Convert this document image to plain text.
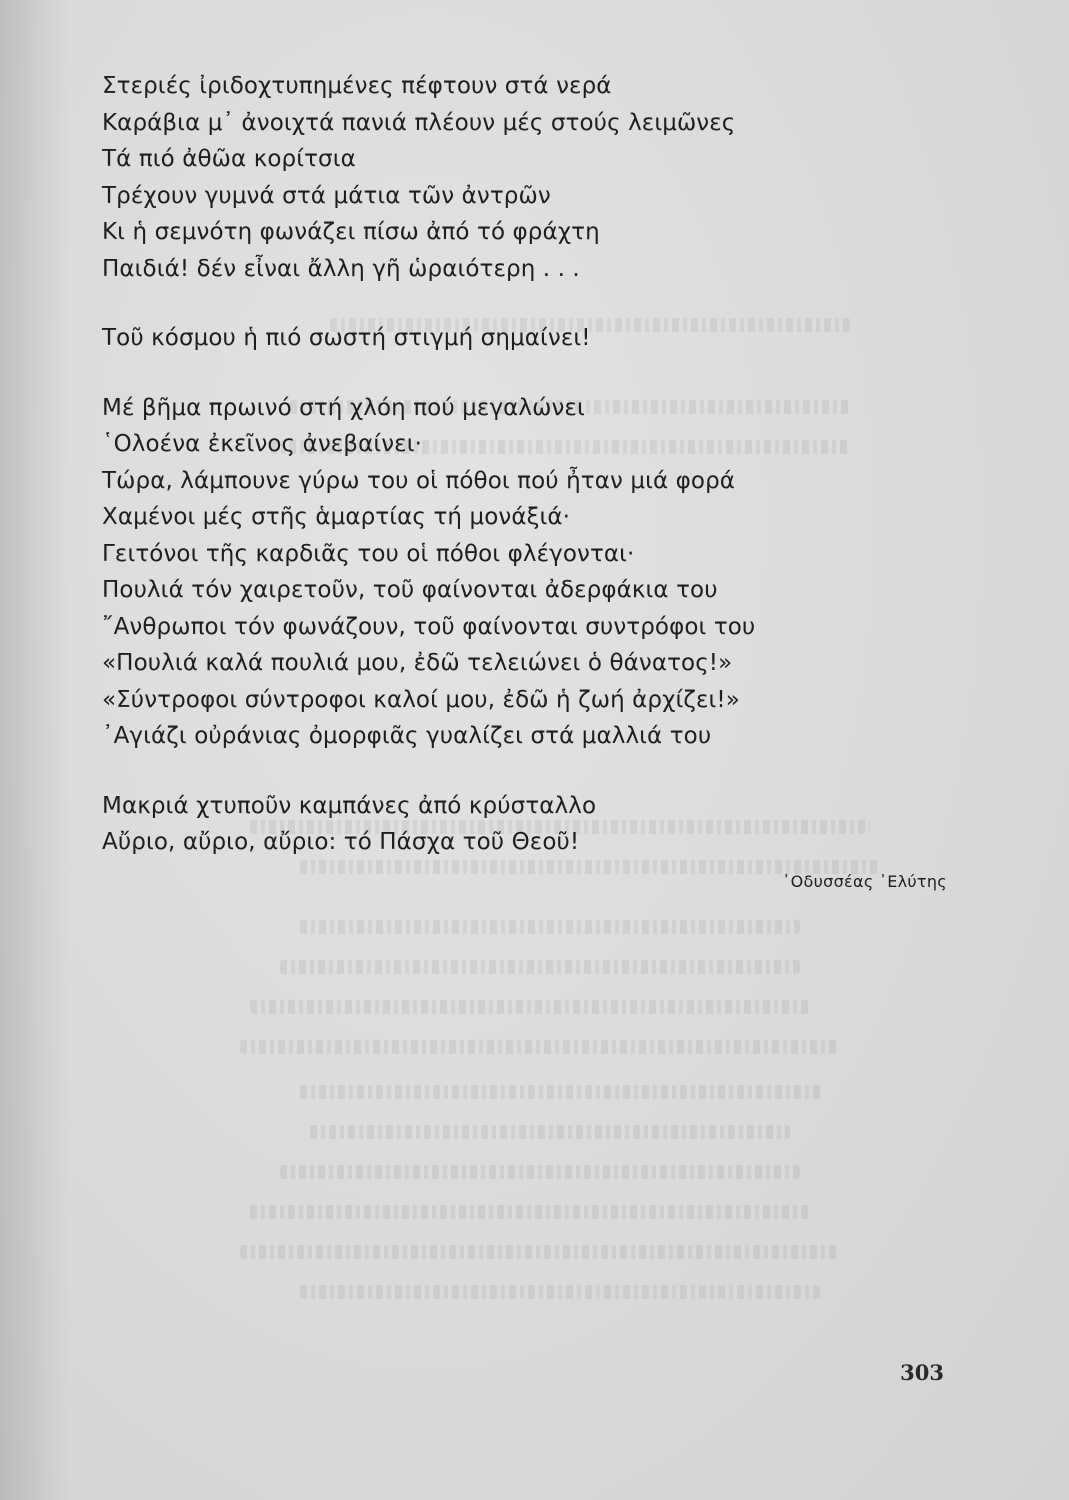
Στεριές ἰριδοχτυπημένες πέφτουν στά νερά
Καράβια μ᾽ ἀνοιχτά πανιά πλέουν μές στούς λειμῶνες
Τά πιό ἀθῶα κορίτσια
Τρέχουν γυμνά στά μάτια τῶν ἀντρῶν
Κι ἡ σεμνότη φωνάζει πίσω ἀπό τό φράχτη
Παιδιά! δέν εἶναι ἄλλη γῆ ὡραιότερη . . .
Τοῦ κόσμου ἡ πιό σωστή στιγμή σημαίνει!
Μέ βῆμα πρωινό στή χλόη πού μεγαλώνει
῾Ολοένα ἐκεῖνος ἀνεβαίνει·
Τώρα, λάμπουνε γύρω του οἱ πόθοι πού ἦταν μιά φορά
Χαμένοι μές στῆς ἁμαρτίας τή μονάξιά·
Γειτόνοι τῆς καρδιᾶς του οἱ πόθοι φλέγονται·
Πουλιά τόν χαιρετοῦν, τοῦ φαίνονται ἀδερφάκια του
῎Ανθρωποι τόν φωνάζουν, τοῦ φαίνονται συντρόφοι του
«Πουλιά καλά πουλιά μου, ἐδῶ τελειώνει ὁ θάνατος!»
«Σύντροφοι σύντροφοι καλοί μου, ἐδῶ ἡ ζωή ἀρχίζει!»
᾽Αγιάζι οὐράνιας ὀμορφιᾶς γυαλίζει στά μαλλιά του
Μακριά χτυποῦν καμπάνες ἀπό κρύσταλλο
Αὔριο, αὔριο, αὔριο: τό Πάσχα τοῦ Θεοῦ!
᾽Οδυσσέας ᾽Ελύτης
303
